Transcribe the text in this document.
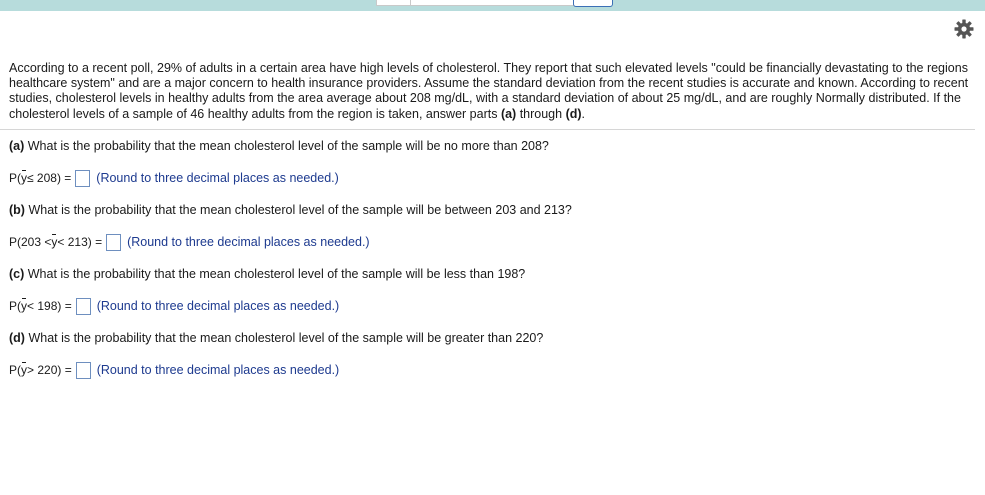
According to a recent poll, 29% of adults in a certain area have high levels of cholesterol. They report that such elevated levels "could be financially devastating to the regions healthcare system" and are a major concern to health insurance providers. Assume the standard deviation from the recent studies is accurate and known. According to recent studies, cholesterol levels in healthy adults from the area average about 208 mg/dL, with a standard deviation of about 25 mg/dL, and are roughly Normally distributed. If the cholesterol levels of a sample of 46 healthy adults from the region is taken, answer parts (a) through (d).
(a) What is the probability that the mean cholesterol level of the sample will be no more than 208?
P( y ≤ 208) = (Round to three decimal places as needed.)
(b) What is the probability that the mean cholesterol level of the sample will be between 203 and 213?
P(203 < y < 213) = (Round to three decimal places as needed.)
(c) What is the probability that the mean cholesterol level of the sample will be less than 198?
P( y < 198) = (Round to three decimal places as needed.)
(d) What is the probability that the mean cholesterol level of the sample will be greater than 220?
P( y > 220) = (Round to three decimal places as needed.)
